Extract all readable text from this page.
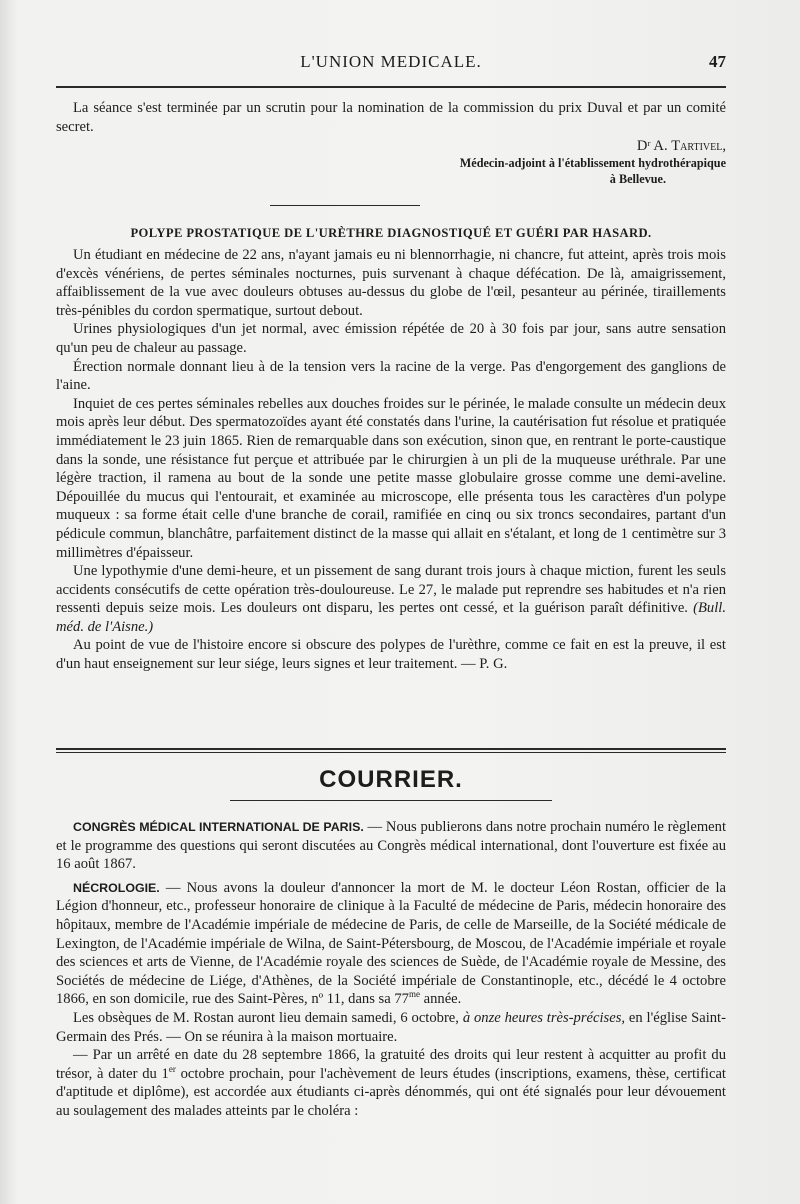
L'UNION MEDICALE.	47

La séance s'est terminée par un scrutin pour la nomination de la commission du prix Duval et par un comité secret.

Dʳ A. Tartivel,
Médecin-adjoint à l'établissement hydrothérapique
à Bellevue.
POLYPE PROSTATIQUE DE L'URÈTHRE DIAGNOSTIQUÉ ET GUÉRI PAR HASARD.

Un étudiant en médecine de 22 ans, n'ayant jamais eu ni blennorrhagie, ni chancre, fut atteint, après trois mois d'excès vénériens, de pertes séminales nocturnes, puis survenant à chaque défécation. De là, amaigrissement, affaiblissement de la vue avec douleurs obtuses au-dessus du globe de l'œil, pesanteur au périnée, tiraillements très-pénibles du cordon spermatique, surtout debout.

Urines physiologiques d'un jet normal, avec émission répétée de 20 à 30 fois par jour, sans autre sensation qu'un peu de chaleur au passage.

Érection normale donnant lieu à de la tension vers la racine de la verge. Pas d'engorgement des ganglions de l'aine.

Inquiet de ces pertes séminales rebelles aux douches froides sur le périnée, le malade consulte un médecin deux mois après leur début. Des spermatozoïdes ayant été constatés dans l'urine, la cautérisation fut résolue et pratiquée immédiatement le 23 juin 1865. Rien de remarquable dans son exécution, sinon que, en rentrant le porte-caustique dans la sonde, une résistance fut perçue et attribuée par le chirurgien à un pli de la muqueuse uréthrale. Par une légère traction, il ramena au bout de la sonde une petite masse globulaire grosse comme une demi-aveline. Dépouillée du mucus qui l'entourait, et examinée au microscope, elle présenta tous les caractères d'un polype muqueux : sa forme était celle d'une branche de corail, ramifiée en cinq ou six troncs secondaires, partant d'un pédicule commun, blanchâtre, parfaitement distinct de la masse qui allait en s'étalant, et long de 1 centimètre sur 3 millimètres d'épaisseur.

Une lypothymie d'une demi-heure, et un pissement de sang durant trois jours à chaque miction, furent les seuls accidents consécutifs de cette opération très-douloureuse. Le 27, le malade put reprendre ses habitudes et n'a rien ressenti depuis seize mois. Les douleurs ont disparu, les pertes ont cessé, et la guérison paraît définitive. (Bull. méd. de l'Aisne.)

Au point de vue de l'histoire encore si obscure des polypes de l'urèthre, comme ce fait en est la preuve, il est d'un haut enseignement sur leur siége, leurs signes et leur traitement. — P. G.

COURRIER.

CONGRÈS MÉDICAL INTERNATIONAL DE PARIS. — Nous publierons dans notre prochain numéro le règlement et le programme des questions qui seront discutées au Congrès médical international, dont l'ouverture est fixée au 16 août 1867.

NÉCROLOGIE. — Nous avons la douleur d'annoncer la mort de M. le docteur Léon Rostan, officier de la Légion d'honneur, etc., professeur honoraire de clinique à la Faculté de médecine de Paris, médecin honoraire des hôpitaux, membre de l'Académie impériale de médecine de Paris, de celle de Marseille, de la Société médicale de Lexington, de l'Académie impériale de Wilna, de Saint-Pétersbourg, de Moscou, de l'Académie impériale et royale des sciences et arts de Vienne, de l'Académie royale des sciences de Suède, de l'Académie royale de Messine, des Sociétés de médecine de Liége, d'Athènes, de la Société impériale de Constantinople, etc., décédé le 4 octobre 1866, en son domicile, rue des Saint-Pères, nº 11, dans sa $77^{me}$ année.

Les obsèques de M. Rostan auront lieu demain samedi, 6 octobre, à onze heures très-précises, en l'église Saint-Germain des Prés. — On se réunira à la maison mortuaire.

— Par un arrêté en date du 28 septembre 1866, la gratuité des droits qui leur restent à acquitter au profit du trésor, à dater du 1er octobre prochain, pour l'achèvement de leurs études (inscriptions, examens, thèse, certificat d'aptitude et diplôme), est accordée aux étudiants ci-après dénommés, qui ont été signalés pour leur dévouement au soulagement des malades atteints par le choléra :
